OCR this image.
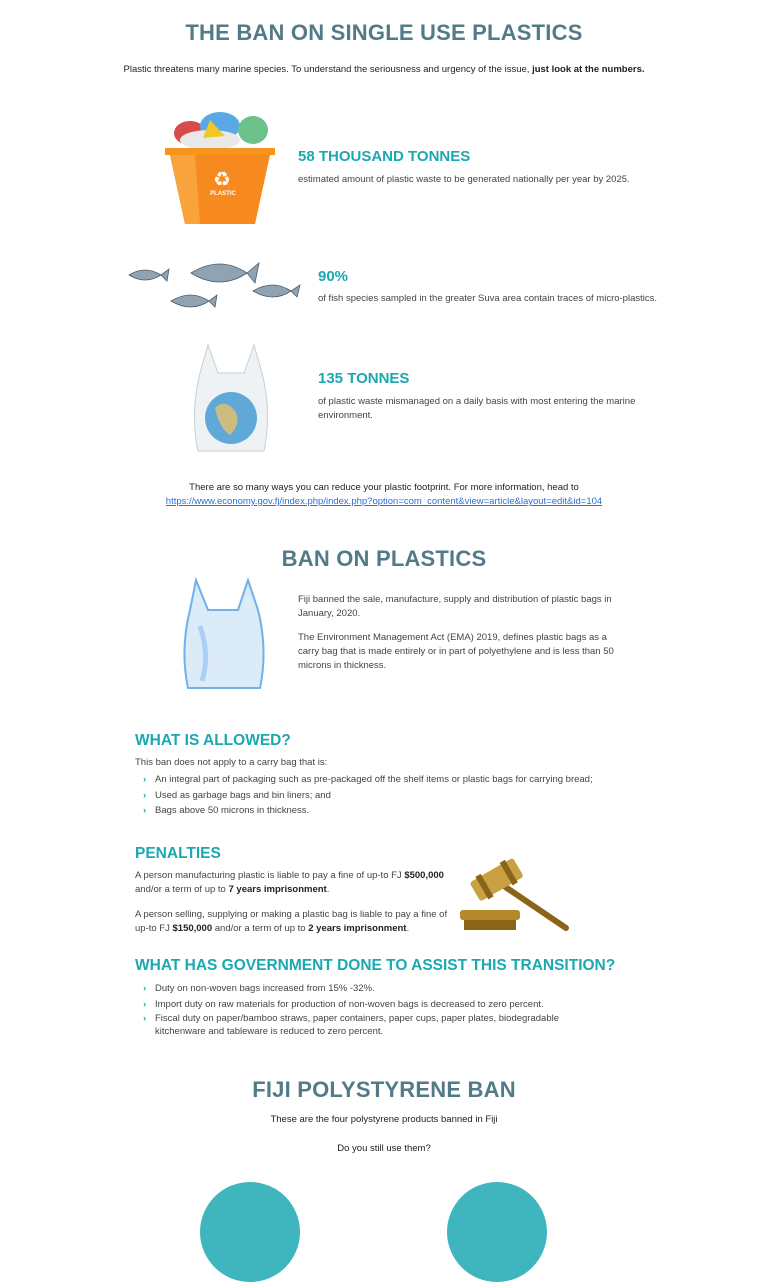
THE BAN ON SINGLE USE PLASTICS
Plastic threatens many marine species. To understand the seriousness and urgency of the issue, just look at the numbers.
♻
PLASTIC
58 THOUSAND TONNES
estimated amount of plastic waste to be generated nationally per year by 2025.
90%
of fish species sampled in the greater Suva area contain traces of micro-plastics.
135 TONNES
of plastic waste mismanaged on a daily basis with most entering the marine environment.
There are so many ways you can reduce your plastic footprint. For more information, head to
https://www.economy.gov.fj/index.php/index.php?option=com_content&view=article&layout=edit&id=104
BAN ON PLASTICS
Fiji banned the sale, manufacture, supply and distribution of plastic bags in January, 2020.
The Environment Management Act (EMA) 2019, defines plastic bags as a carry bag that is made entirely or in part of polyethylene and is less than 50 microns in thickness.
WHAT IS ALLOWED?
This ban does not apply to a carry bag that is:
› An integral part of packaging such as pre-packaged off the shelf items or plastic bags for carrying bread;
› Used as garbage bags and bin liners; and
› Bags above 50 microns in thickness.
PENALTIES
A person manufacturing plastic is liable to pay a fine of up-to FJ $500,000 and/or a term of up to 7 years imprisonment.
A person selling, supplying or making a plastic bag is liable to pay a fine of up-to FJ $150,000 and/or a term of up to 2 years imprisonment.
WHAT HAS GOVERNMENT DONE TO ASSIST THIS TRANSITION?
› Duty on non-woven bags increased from 15% -32%.
› Import duty on raw materials for production of non-woven bags is decreased to zero percent.
› Fiscal duty on paper/bamboo straws, paper containers, paper cups, paper plates, biodegradable kitchenware and tableware is reduced to zero percent.
FIJI POLYSTYRENE BAN
These are the four polystyrene products banned in Fiji
Do you still use them?
